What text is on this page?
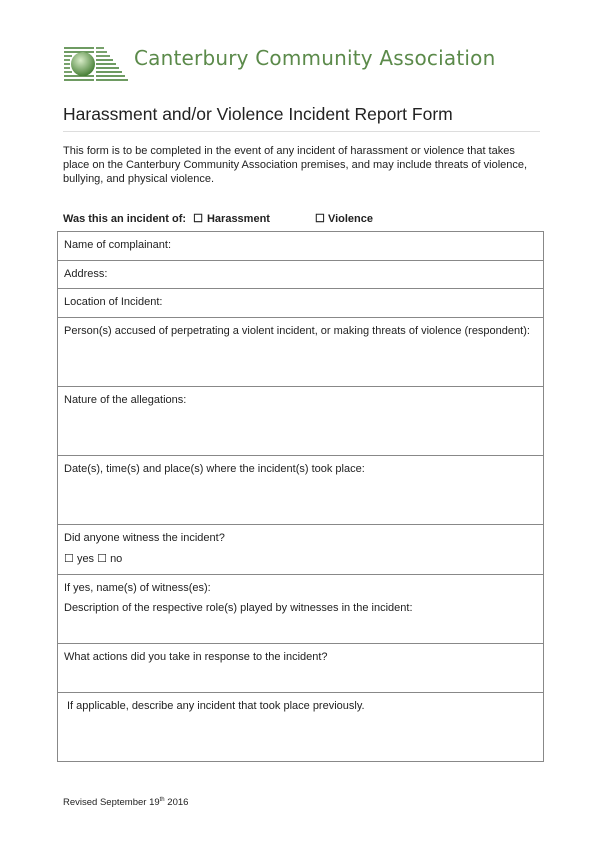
Canterbury Community Association
Harassment and/or Violence Incident Report Form
This form is to be completed in the event of any incident of harassment or violence that takes place on the Canterbury Community Association premises, and may include threats of violence, bullying, and physical violence.
Was this an incident of: ☐ Harassment	☐ Violence
Name of complainant:
Address:
Location of Incident:
Person(s) accused of perpetrating a violent incident, or making threats of violence (respondent):
Nature of the allegations:
Date(s), time(s) and place(s) where the incident(s) took place:

Did anyone witness the incident?

☐ yes ☐ no

If yes, name(s) of witness(es):

Description of the respective role(s) played by witnesses in the incident:

What actions did you take in response to the incident?
If applicable, describe any incident that took place previously.
Revised September 19th 2016
